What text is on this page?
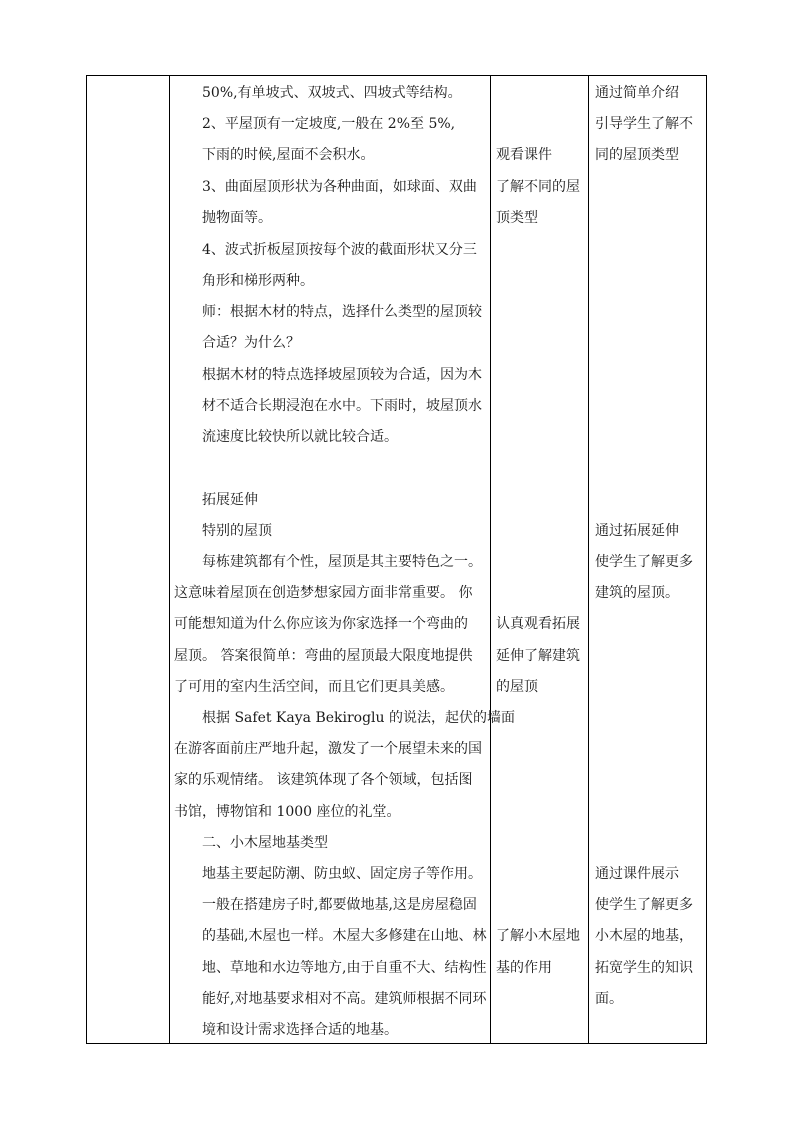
50%,有单坡式、双坡式、四坡式等结构。
2、平屋顶有一定坡度,一般在 2%至 5%,
下雨的时候,屋面不会积水。
3、曲面屋顶形状为各种曲面，如球面、双曲
抛物面等。
4、波式折板屋顶按每个波的截面形状又分三
角形和梯形两种。
师：根据木材的特点，选择什么类型的屋顶较
合适？为什么？
根据木材的特点选择坡屋顶较为合适，因为木
材不适合长期浸泡在水中。下雨时，坡屋顶水
流速度比较快所以就比较合适。
拓展延伸
特别的屋顶
每栋建筑都有个性，屋顶是其主要特色之一。
这意味着屋顶在创造梦想家园方面非常重要。 你
可能想知道为什么你应该为你家选择一个弯曲的
屋顶。 答案很简单：弯曲的屋顶最大限度地提供
了可用的室内生活空间，而且它们更具美感。
根据 Safet Kaya Bekiroglu 的说法，起伏的墙面
在游客面前庄严地升起，激发了一个展望未来的国
家的乐观情绪。 该建筑体现了各个领域，包括图
书馆，博物馆和 1000 座位的礼堂。
二、小木屋地基类型
地基主要起防潮、防虫蚁、固定房子等作用。
一般在搭建房子时,都要做地基,这是房屋稳固
的基础,木屋也一样。木屋大多修建在山地、林
地、草地和水边等地方,由于自重不大、结构性
能好,对地基要求相对不高。建筑师根据不同环
境和设计需求选择合适的地基。
观看课件
了解不同的屋
顶类型
认真观看拓展
延伸了解建筑
的屋顶
了解小木屋地
基的作用
通过简单介绍
引导学生了解不
同的屋顶类型
通过拓展延伸
使学生了解更多
建筑的屋顶。
通过课件展示
使学生了解更多
小木屋的地基，
拓宽学生的知识
面。
